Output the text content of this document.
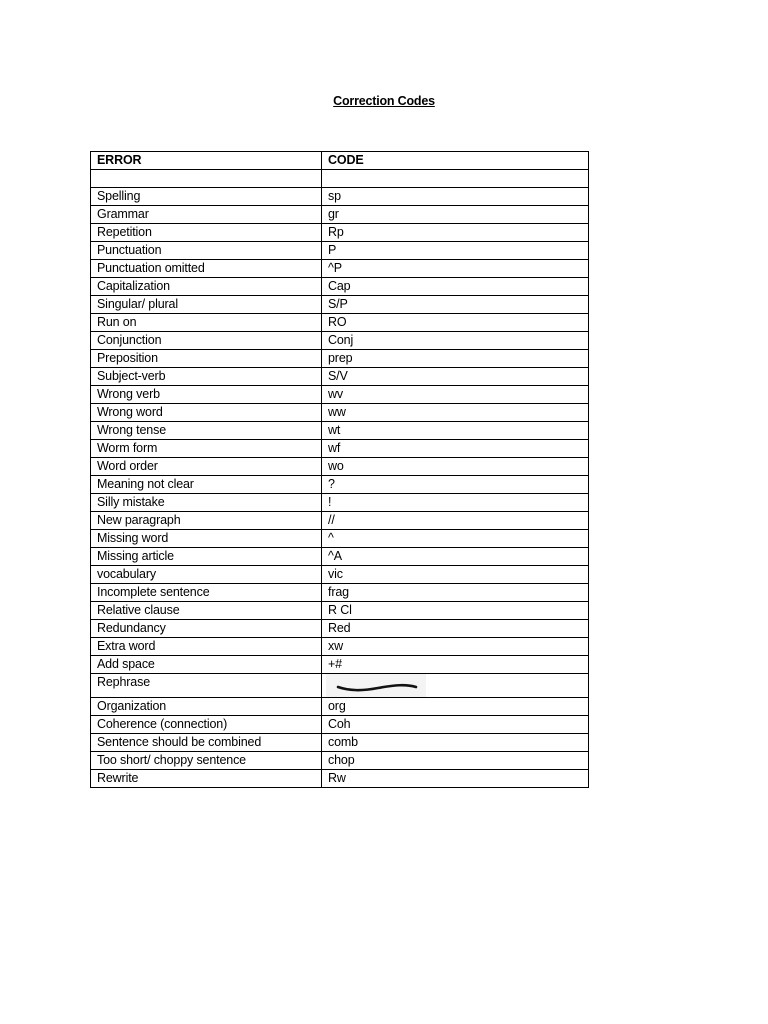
Correction Codes
ERROR	CODE

Spelling	sp
Grammar	gr
Repetition	Rp
Punctuation	P
Punctuation omitted	^P
Capitalization	Cap
Singular/ plural	S/P
Run on	RO
Conjunction	Conj
Preposition	prep
Subject-verb	S/V
Wrong verb	wv
Wrong word	ww
Wrong tense	wt
Worm form	wf
Word order	wo
Meaning not clear	?
Silly mistake	!
New paragraph	//
Missing word	^
Missing article	^A
vocabulary	vic
Incomplete sentence	frag
Relative clause	R Cl
Redundancy	Red
Extra word	xw
Add space	+#
Rephrase	

Organization	org
Coherence (connection)	Coh
Sentence should be combined	comb
Too short/ choppy sentence	chop
Rewrite	Rw
